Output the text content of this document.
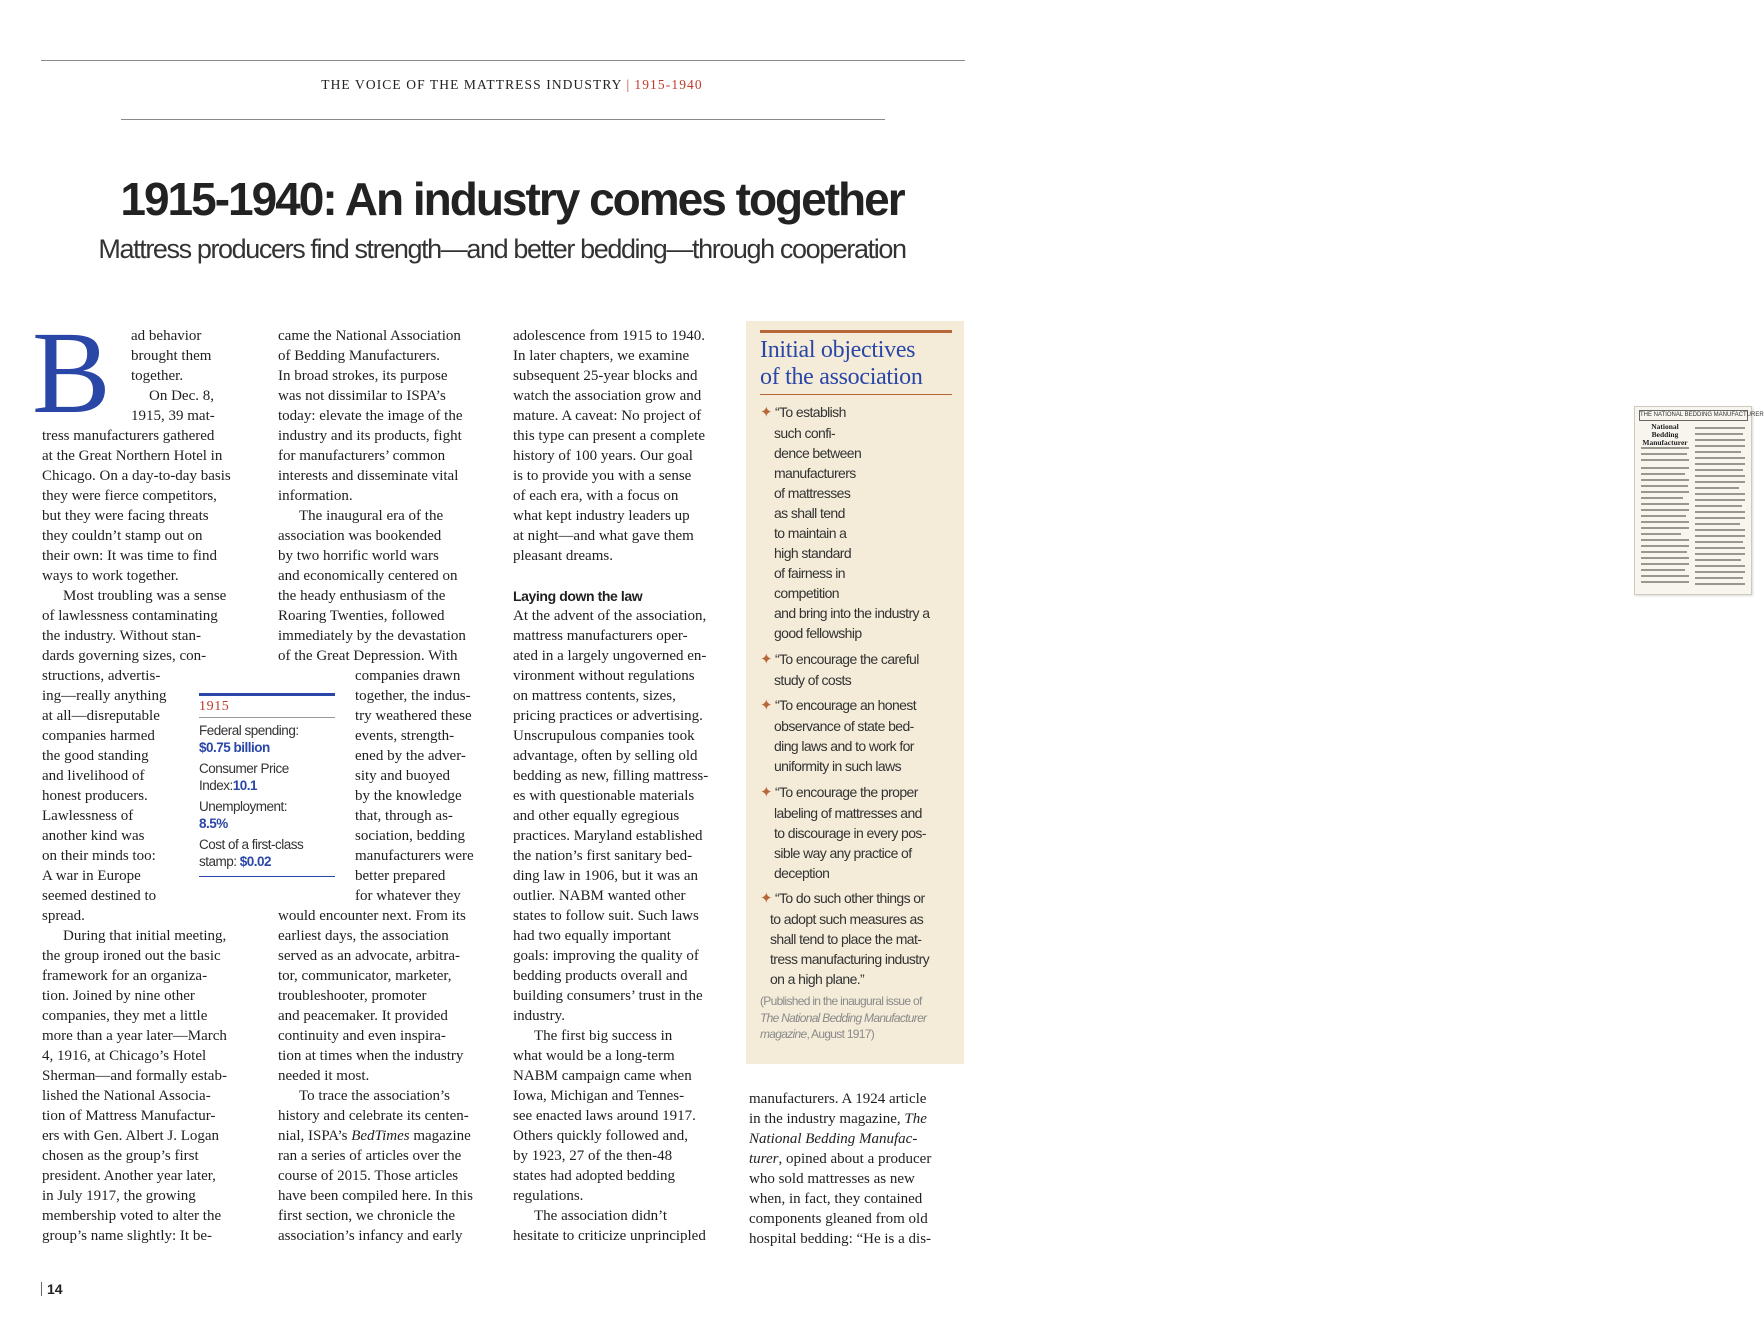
THE VOICE OF THE MATTRESS INDUSTRY | 1915-1940
1915-1940: An industry comes together
Mattress producers find strength—and better bedding—through cooperation
B ad behavior
brought them
together.
On Dec. 8,
1915, 39 mat-
tress manufacturers gathered
at the Great Northern Hotel in
Chicago. On a day-to-day basis
they were fierce competitors,
but they were facing threats
they couldn’t stamp out on
their own: It was time to find
ways to work together.
Most troubling was a sense
of lawlessness contaminating
the industry. Without stan-
dards governing sizes, con-
structions, advertis-
ing—really anything
at all—disreputable
companies harmed
the good standing
and livelihood of
honest producers.
Lawlessness of
another kind was
on their minds too:
A war in Europe
seemed destined to
spread.
During that initial meeting,
the group ironed out the basic
framework for an organiza-
tion. Joined by nine other
companies, they met a little
more than a year later—March
4, 1916, at Chicago’s Hotel
Sherman—and formally estab-
lished the National Associa-
tion of Mattress Manufactur-
ers with Gen. Albert J. Logan
chosen as the group’s first
president. Another year later,
in July 1917, the growing
membership voted to alter the
group’s name slightly: It be-
came the National Association
of Bedding Manufacturers.
In broad strokes, its purpose
was not dissimilar to ISPA’s
today: elevate the image of the
industry and its products, fight
for manufacturers’ common
interests and disseminate vital
information.
The inaugural era of the
association was bookended
by two horrific world wars
and economically centered on
the heady enthusiasm of the
Roaring Twenties, followed
immediately by the devastation
of the Great Depression. With
companies drawn
together, the indus-
try weathered these
events, strength-
ened by the adver-
sity and buoyed
by the knowledge
that, through as-
sociation, bedding
manufacturers were
better prepared
for whatever they
would encounter next. From its
earliest days, the association
served as an advocate, arbitra-
tor, communicator, marketer,
troubleshooter, promoter
and peacemaker. It provided
continuity and even inspira-
tion at times when the industry
needed it most.
To trace the association’s
history and celebrate its centen-
nial, ISPA’s BedTimes magazine
ran a series of articles over the
course of 2015. Those articles
have been compiled here. In this
first section, we chronicle the
association’s infancy and early
1915
Federal spending:
$0.75 billion
Consumer Price
Index:10.1
Unemployment:
8.5%
Cost of a first-class
stamp: $0.02
adolescence from 1915 to 1940.
In later chapters, we examine
subsequent 25-year blocks and
watch the association grow and
mature. A caveat: No project of
this type can present a complete
history of 100 years. Our goal
is to provide you with a sense
of each era, with a focus on
what kept industry leaders up
at night—and what gave them
pleasant dreams.
Laying down the law
At the advent of the association,
mattress manufacturers oper-
ated in a largely ungoverned en-
vironment without regulations
on mattress contents, sizes,
pricing practices or advertising.
Unscrupulous companies took
advantage, often by selling old
bedding as new, filling mattress-
es with questionable materials
and other equally egregious
practices. Maryland established
the nation’s first sanitary bed-
ding law in 1906, but it was an
outlier. NABM wanted other
states to follow suit. Such laws
had two equally important
goals: improving the quality of
bedding products overall and
building consumers’ trust in the
industry.
The first big success in
what would be a long-term
NABM campaign came when
Iowa, Michigan and Tennes-
see enacted laws around 1917.
Others quickly followed and,
by 1923, 27 of the then-48
states had adopted bedding
regulations.
The association didn’t
hesitate to criticize unprincipled
Initial objectives
of the association
THE NATIONAL BEDDING MANUFACTURER
National Bedding
Manufacturer
✦ “To establish
such confi-
dence between
manufacturers
of mattresses
as shall tend
to maintain a
high standard
of fairness in
competition
and bring into the industry a
good fellowship
✦ “To encourage the careful
study of costs
✦ “To encourage an honest
observance of state bed-
ding laws and to work for
uniformity in such laws
✦ “To encourage the proper
labeling of mattresses and
to discourage in every pos-
sible way any practice of
deception
✦ “To do such other things or
to adopt such measures as
shall tend to place the mat-
tress manufacturing industry
on a high plane.”
(Published in the inaugural issue of
The National Bedding Manufacturer
magazine, August 1917)
manufacturers. A 1924 article
in the industry magazine, The
National Bedding Manufac-
turer, opined about a producer
who sold mattresses as new
when, in fact, they contained
components gleaned from old
hospital bedding: “He is a dis-
14
